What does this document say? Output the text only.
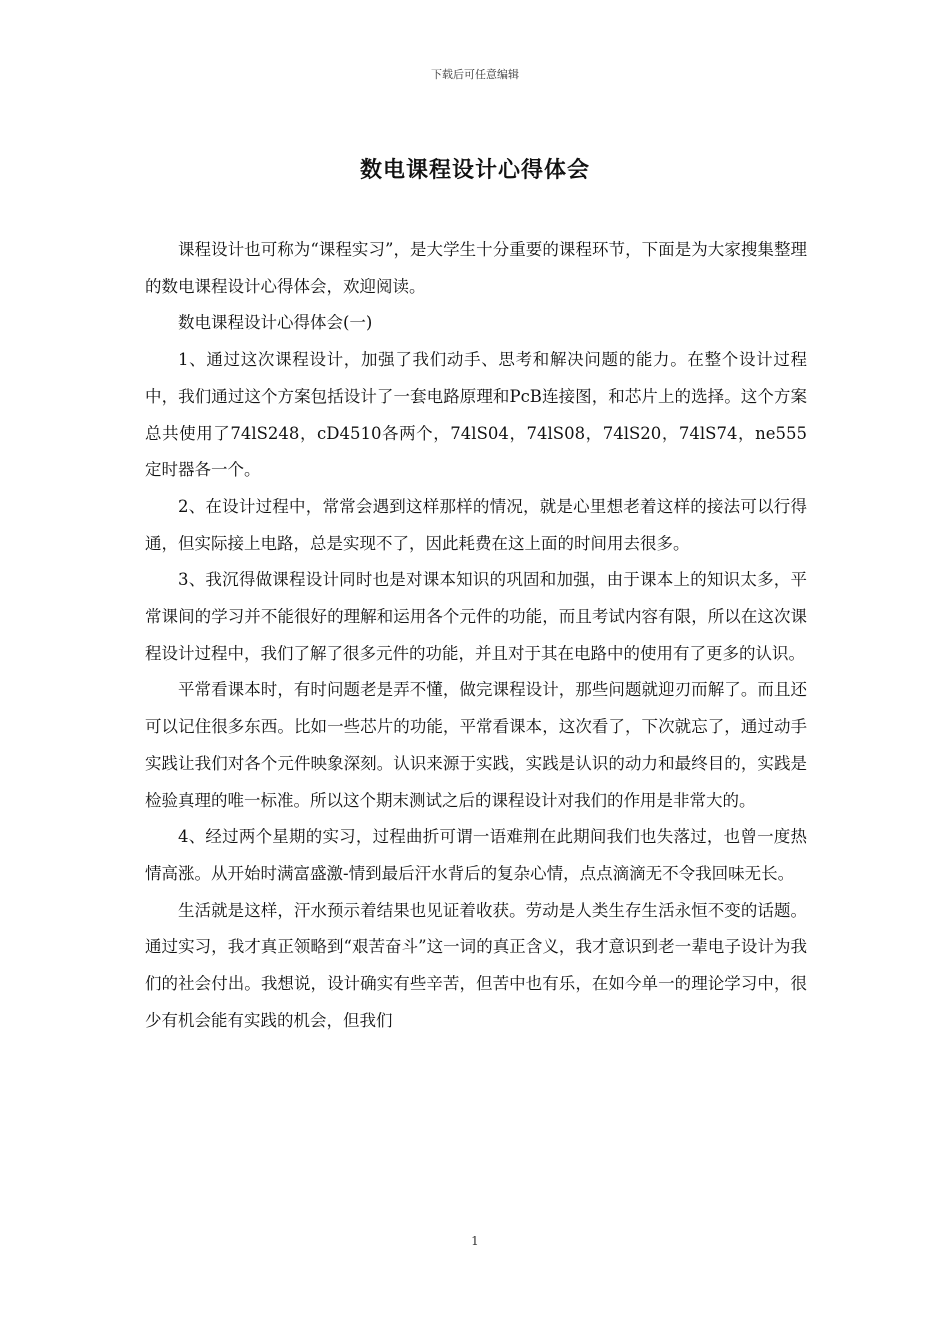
下载后可任意编辑
数电课程设计心得体会

课程设计也可称为“课程实习”，是大学生十分重要的课程环节，下面是为大家搜集整理的数电课程设计心得体会，欢迎阅读。

数电课程设计心得体会(一)

1、通过这次课程设计，加强了我们动手、思考和解决问题的能力。在整个设计过程中，我们通过这个方案包括设计了一套电路原理和PcB连接图，和芯片上的选择。这个方案总共使用了74lS248，cD4510各两个，74lS04，74lS08，74lS20，74lS74，ne555定时器各一个。

2、在设计过程中，常常会遇到这样那样的情况，就是心里想老着这样的接法可以行得通，但实际接上电路，总是实现不了，因此耗费在这上面的时间用去很多。

3、我沉得做课程设计同时也是对课本知识的巩固和加强，由于课本上的知识太多，平常课间的学习并不能很好的理解和运用各个元件的功能，而且考试内容有限，所以在这次课程设计过程中，我们了解了很多元件的功能，并且对于其在电路中的使用有了更多的认识。

平常看课本时，有时问题老是弄不懂，做完课程设计，那些问题就迎刃而解了。而且还可以记住很多东西。比如一些芯片的功能，平常看课本，这次看了，下次就忘了，通过动手实践让我们对各个元件映象深刻。认识来源于实践，实践是认识的动力和最终目的，实践是检验真理的唯一标准。所以这个期末测试之后的课程设计对我们的作用是非常大的。

4、经过两个星期的实习，过程曲折可谓一语难荆在此期间我们也失落过，也曾一度热情高涨。从开始时满富盛激-情到最后汗水背后的复杂心情，点点滴滴无不令我回味无长。

生活就是这样，汗水预示着结果也见证着收获。劳动是人类生存生活永恒不变的话题。通过实习，我才真正领略到“艰苦奋斗”这一词的真正含义，我才意识到老一辈电子设计为我们的社会付出。我想说，设计确实有些辛苦，但苦中也有乐，在如今单一的理论学习中，很少有机会能有实践的机会，但我们

1
